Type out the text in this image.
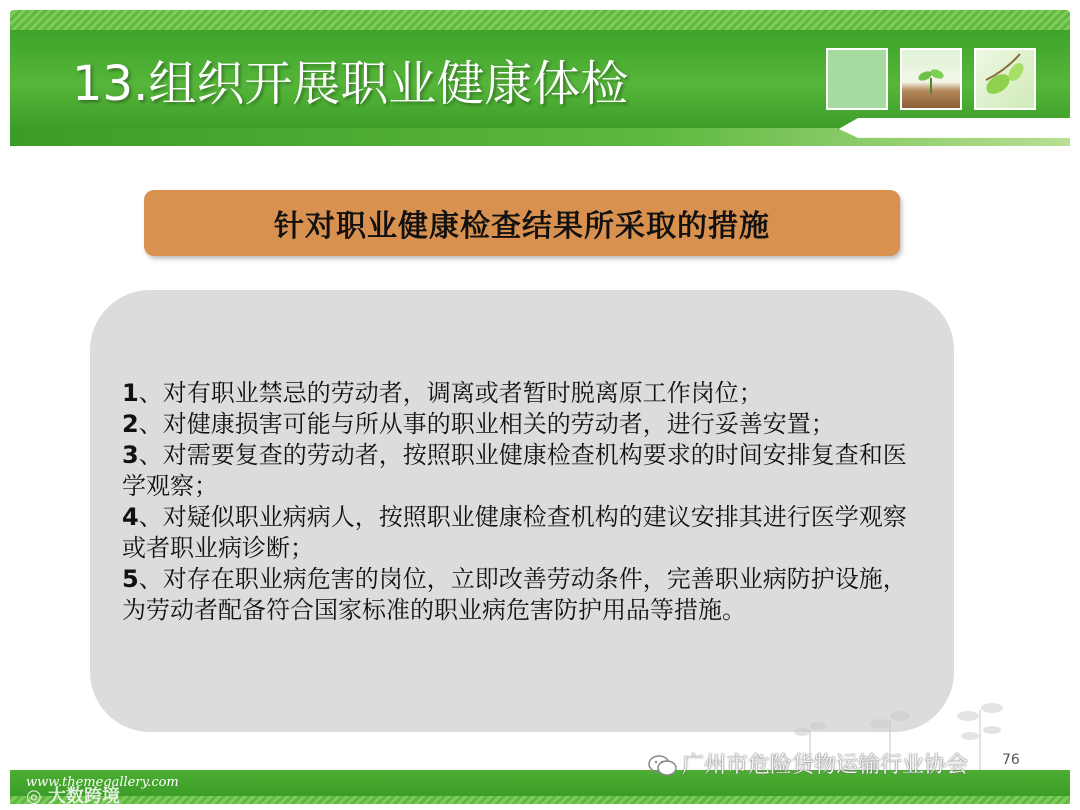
13.组织开展职业健康体检
针对职业健康检查结果所采取的措施

1、对有职业禁忌的劳动者，调离或者暂时脱离原工作岗位；

2、对健康损害可能与所从事的职业相关的劳动者，进行妥善安置；

3、对需要复查的劳动者，按照职业健康检查机构要求的时间安排复查和医学观察；

4、对疑似职业病病人，按照职业健康检查机构的建议安排其进行医学观察或者职业病诊断；

5、对存在职业病危害的岗位，立即改善劳动条件，完善职业病防护设施，为劳动者配备符合国家标准的职业病危害防护用品等措施。

www.themegallery.com
◎ 大数跨境
广州市危险货物运输行业协会 76
